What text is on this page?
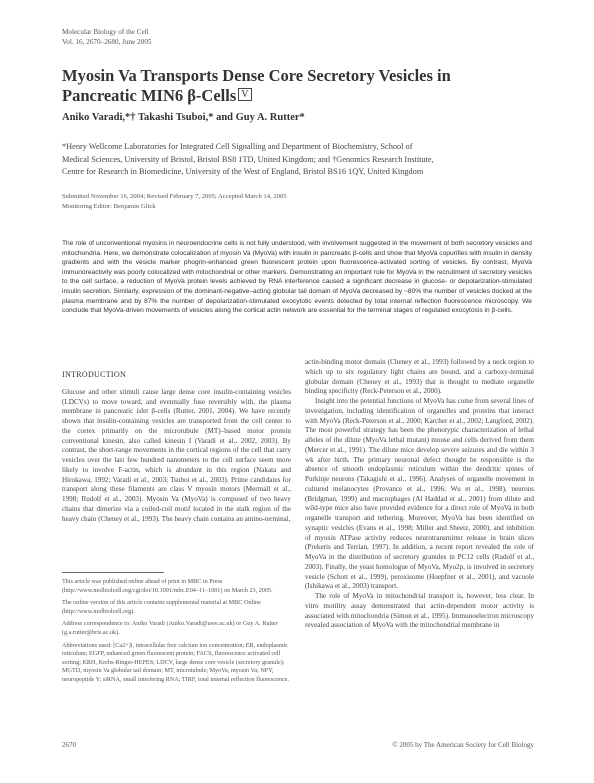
Molecular Biology of the Cell
Vol. 16, 2670–2680, June 2005
Myosin Va Transports Dense Core Secretory Vesicles in
Pancreatic MIN6 β-Cells V
Aniko Varadi,*† Takashi Tsuboi,* and Guy A. Rutter*
*Henry Wellcome Laboratories for Integrated Cell Signalling and Department of Biochemistry, School of
Medical Sciences, University of Bristol, Bristol BS8 1TD, United Kingdom; and †Genomics Research Institute,
Centre for Research in Biomedicine, University of the West of England, Bristol BS16 1QY, United Kingdom
Submitted November 16, 2004; Revised February 7, 2005; Accepted March 14, 2005
Monitoring Editor: Benjamin Glick
The role of unconventional myosins in neuroendocrine cells is not fully understood, with involvement suggested in the movement of both secretory vesicles and mitochondria. Here, we demonstrate colocalization of myosin Va (MyoVa) with insulin in pancreatic β-cells and show that MyoVa copurifies with insulin in density gradients and with the vesicle marker phogrin-enhanced green fluorescent protein upon fluorescence-activated sorting of vesicles. By contrast, MyoVa immunoreactivity was poorly colocalized with mitochondrial or other markers. Demonstrating an important role for MyoVa in the recruitment of secretory vesicles to the cell surface, a reduction of MyoVa protein levels achieved by RNA interference caused a significant decrease in glucose- or depolarization-stimulated insulin secretion. Similarly, expression of the dominant-negative–acting globular tail domain of MyoVa decreased by ~80% the number of vesicles docked at the plasma membrane and by 87% the number of depolarization-stimulated exocytotic events detected by total internal reflection fluorescence microscopy. We conclude that MyoVa-driven movements of vesicles along the cortical actin network are essential for the terminal stages of regulated exocytosis in β-cells.
INTRODUCTION

Glucose and other stimuli cause large dense core insulin-containing vesicles (LDCVs) to move toward, and eventually fuse reversibly with, the plasma membrane in pancreatic islet β-cells (Rutter, 2001, 2004). We have recently shown that insulin-containing vesicles are transported from the cell center to the cortex primarily on the microtubule (MT)–based motor protein conventional kinesin, also called kinesin I (Varadi et al., 2002, 2003). By contrast, the short-range movements in the cortical regions of the cell that carry vesicles over the last few hundred nanometers to the cell surface seem more likely to involve F-actin, which is abundant in this region (Nakata and Hirokawa, 1992; Varadi et al., 2003; Tsuboi et al., 2003). Prime candidates for transport along these filaments are class V myosin motors (Mermall et al., 1998; Rudolf et al., 2003). Myosin Va (MyoVa) is composed of two heavy chains that dimerize via a coiled-coil motif located in the stalk region of the heavy chain (Cheney et al., 1993). The heavy chain contains an amino-terminal,

This article was published online ahead of print in MBC in Press (http://www.molbiolcell.org/cgi/doi/10.1091/mbc.E04–11–1001) on March 23, 2005.

The online version of this article contains supplemental material at MBC Online (http://www.molbiolcell.org).

Address correspondence to: Aniko Varadi (Aniko.Varadi@uwe.ac.uk) or Guy A. Rutter (g.a.rutter@bris.ac.uk).

Abbreviations used: [Ca2+]i, intracellular free calcium ion concentration; ER, endoplasmic reticulum; EGFP, enhanced green fluorescent protein; FACS, fluorescence activated cell sorting; KRH, Krebs-Ringer-HEPES; LDCV, large dense core vesicle (secretory granule); MGTD, myosin Va globular tail domain; MT, microtubule; MyoVa, myosin Va; NPY, neuropeptide Y; siRNA, small interfering RNA; TIRF, total internal reflection fluorescence.

actin-binding motor domain (Cheney et al., 1993) followed by a neck region to which up to six regulatory light chains are bound, and a carboxy-terminal globular domain (Cheney et al., 1993) that is thought to mediate organelle binding specificity (Reck-Peterson et al., 2000).

Insight into the potential functions of MyoVa has come from several lines of investigation, including identification of organelles and proteins that interact with MyoVa (Reck-Peterson et al., 2000; Karcher et al., 2002; Langford, 2002). The most powerful strategy has been the phenotypic characterization of lethal alleles of the dilute (MyoVa lethal mutant) mouse and cells derived from them (Mercer et al., 1991). The dilute mice develop severe seizures and die within 3 wk after birth. The primary neuronal defect thought be responsible is the absence of smooth endoplasmic reticulum within the dendritic spines of Purkinje neurons (Takagishi et al., 1996). Analyses of organelle movement in cultured melanocytes (Provance et al., 1996; Wu et al., 1998), neurons (Bridgman, 1999) and macrophages (Al Haddad et al., 2001) from dilute and wild-type mice also have provided evidence for a direct role of MyoVa in both organelle transport and tethering. Moreover, MyoVa has been identified on synaptic vesicles (Evans et al., 1998; Miller and Sheetz, 2000), and inhibition of myosin ATPase activity reduces neurotransmitter release in brain slices (Prekeris and Terrian, 1997). In addition, a recent report revealed the role of MyoVa in the distribution of secretory granules in PC12 cells (Rudolf et al., 2003). Finally, the yeast homologue of MyoVa, Myo2p, is involved in secretory vesicle (Schott et al., 1999), peroxisome (Hoepfner et al., 2001), and vacuole (Ishikawa et al., 2003) transport.

The role of MyoVa in mitochondrial transport is, however, less clear. In vitro motility assay demonstrated that actin-dependent motor activity is associated with mitochondria (Simon et al., 1995). Immunoelectron microscopy revealed association of MyoVa with the mitochondrial membrane in

2670	© 2005 by The American Society for Cell Biology
